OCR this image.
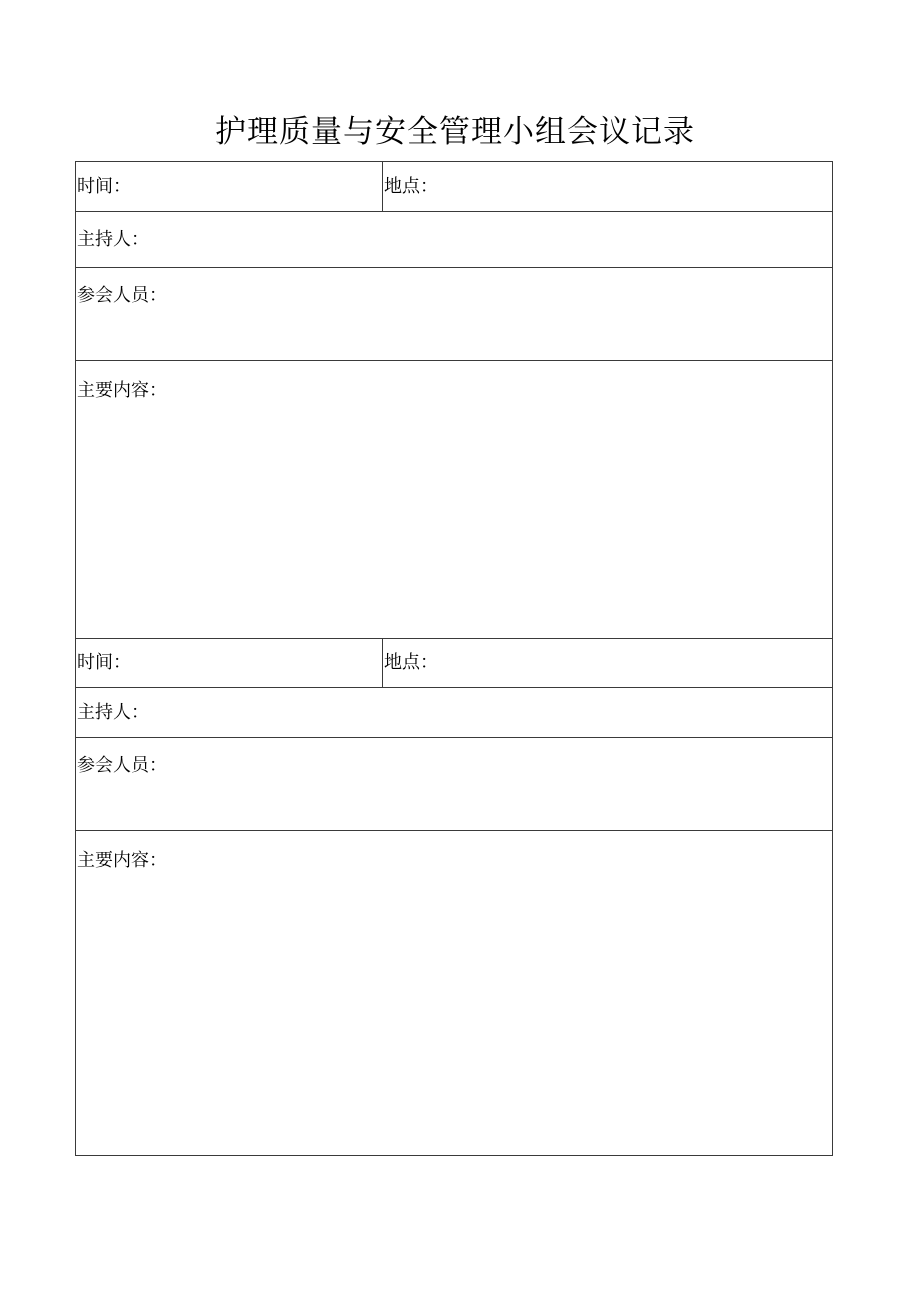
护理质量与安全管理小组会议记录
时间：	地点：
主持人：	
参会人员：	
主要内容：	
时间：	地点：
主持人：	
参会人员：	
主要内容：	
